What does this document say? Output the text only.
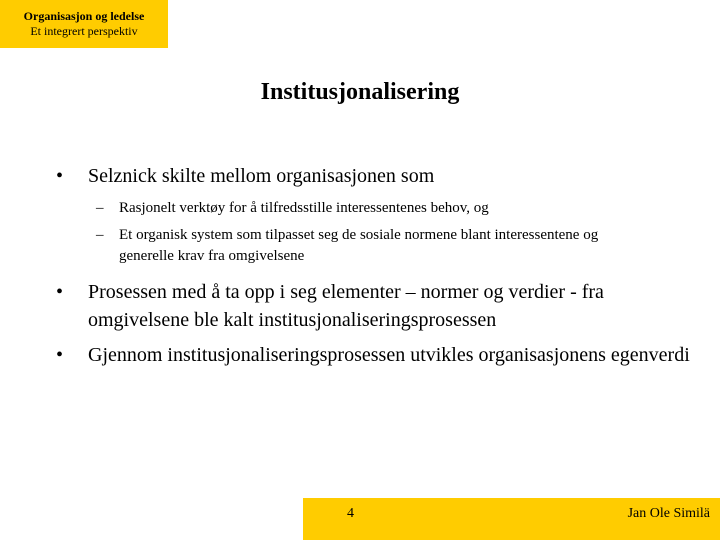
Organisasjon og ledelse
Et integrert perspektiv
Institusjonalisering
• Selznick skilte mellom organisasjonen som
– Rasjonelt verktøy for å tilfredsstille interessentenes behov, og
– Et organisk system som tilpasset seg de sosiale normene blant interessentene og generelle krav fra omgivelsene
• Prosessen med å ta opp i seg elementer – normer og verdier - fra omgivelsene ble kalt institusjonaliseringsprosessen
• Gjennom institusjonaliseringsprosessen utvikles organisasjonens egenverdi
4	Jan Ole Similä
